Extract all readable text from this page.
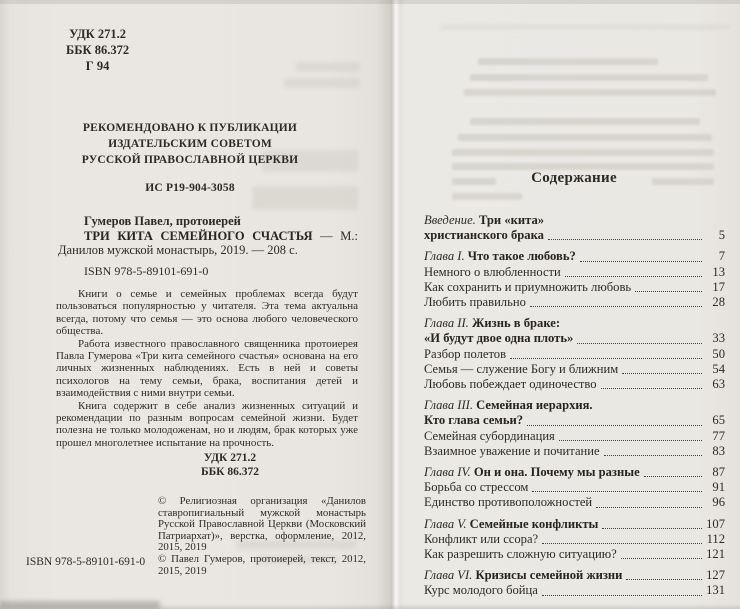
УДК 271.2
ББК 86.372
Г 94
РЕКОМЕНДОВАНО К ПУБЛИКАЦИИ
ИЗДАТЕЛЬСКИМ СОВЕТОМ
РУССКОЙ ПРАВОСЛАВНОЙ ЦЕРКВИ
ИС Р19-904-3058
Гумеров Павел, протоиерей
ТРИ КИТА СЕМЕЙНОГО СЧАСТЬЯ — М.: Данилов мужской монастырь, 2019. — 208 с.
ISBN 978-5-89101-691-0

Книги о семье и семейных проблемах всегда будут пользоваться популярностью у читателя. Эта тема актуальна всегда, потому что семья — это основа любого человеческого общества.

Работа известного православного священника протоиерея Павла Гумерова «Три кита семейного счастья» основана на его личных жизненных наблюдениях. Есть в ней и советы психологов на тему семьи, брака, воспитания детей и взаимодействия с ними внутри семьи.

Книга содержит в себе анализ жизненных ситуаций и рекомендации по разным вопросам семейной жизни. Будет полезна не только молодоженам, но и людям, брак которых уже прошел многолетнее испытание на прочность.

УДК 271.2
ББК 86.372

© Религиозная организация «Данилов ставропигиальный мужской монастырь Русской Православной Церкви (Московский Патриархат)», верстка, оформление, 2012, 2015, 2019

© Павел Гумеров, протоиерей, текст, 2012, 2015, 2019

ISBN 978-5-89101-691-0
Содержание
Введение. Три «кита»
христианского брака	5
Глава I. Что такое любовь?	7
Немного о влюбленности	13
Как сохранить и приумножить любовь	17
Любить правильно	28
Глава II. Жизнь в браке:
«И будут двое одна плоть»	33
Разбор полетов	50
Семья — служение Богу и ближним	54
Любовь побеждает одиночество	63
Глава III. Семейная иерархия.
Кто глава семьи?	65
Семейная субординация	77
Взаимное уважение и почитание	83
Глава IV. Он и она. Почему мы разные	87
Борьба со стрессом	91
Единство противоположностей	96
Глава V. Семейные конфликты	107
Конфликт или ссора?	112
Как разрешить сложную ситуацию?	121
Глава VI. Кризисы семейной жизни	127
Курс молодого бойца	131
